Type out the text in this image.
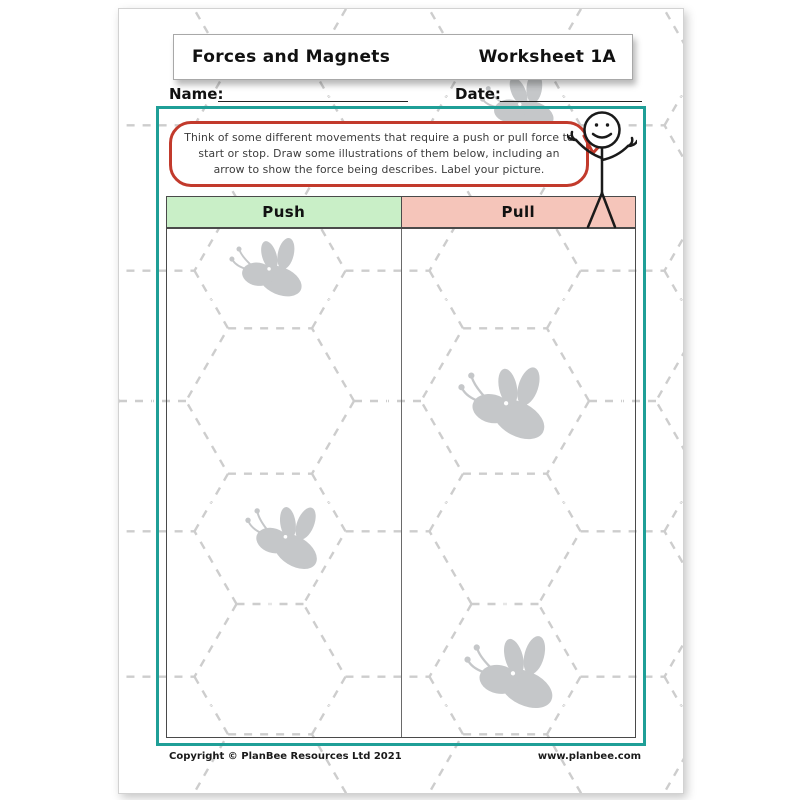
Forces and Magnets	Worksheet 1A
Name:	Date:
Think of some different movements that require a push or pull force to start or stop. Draw some illustrations of them below, including an arrow to show the force being describes. Label your picture.
Push	Pull
Copyright © PlanBee Resources Ltd 2021	www.planbee.com
